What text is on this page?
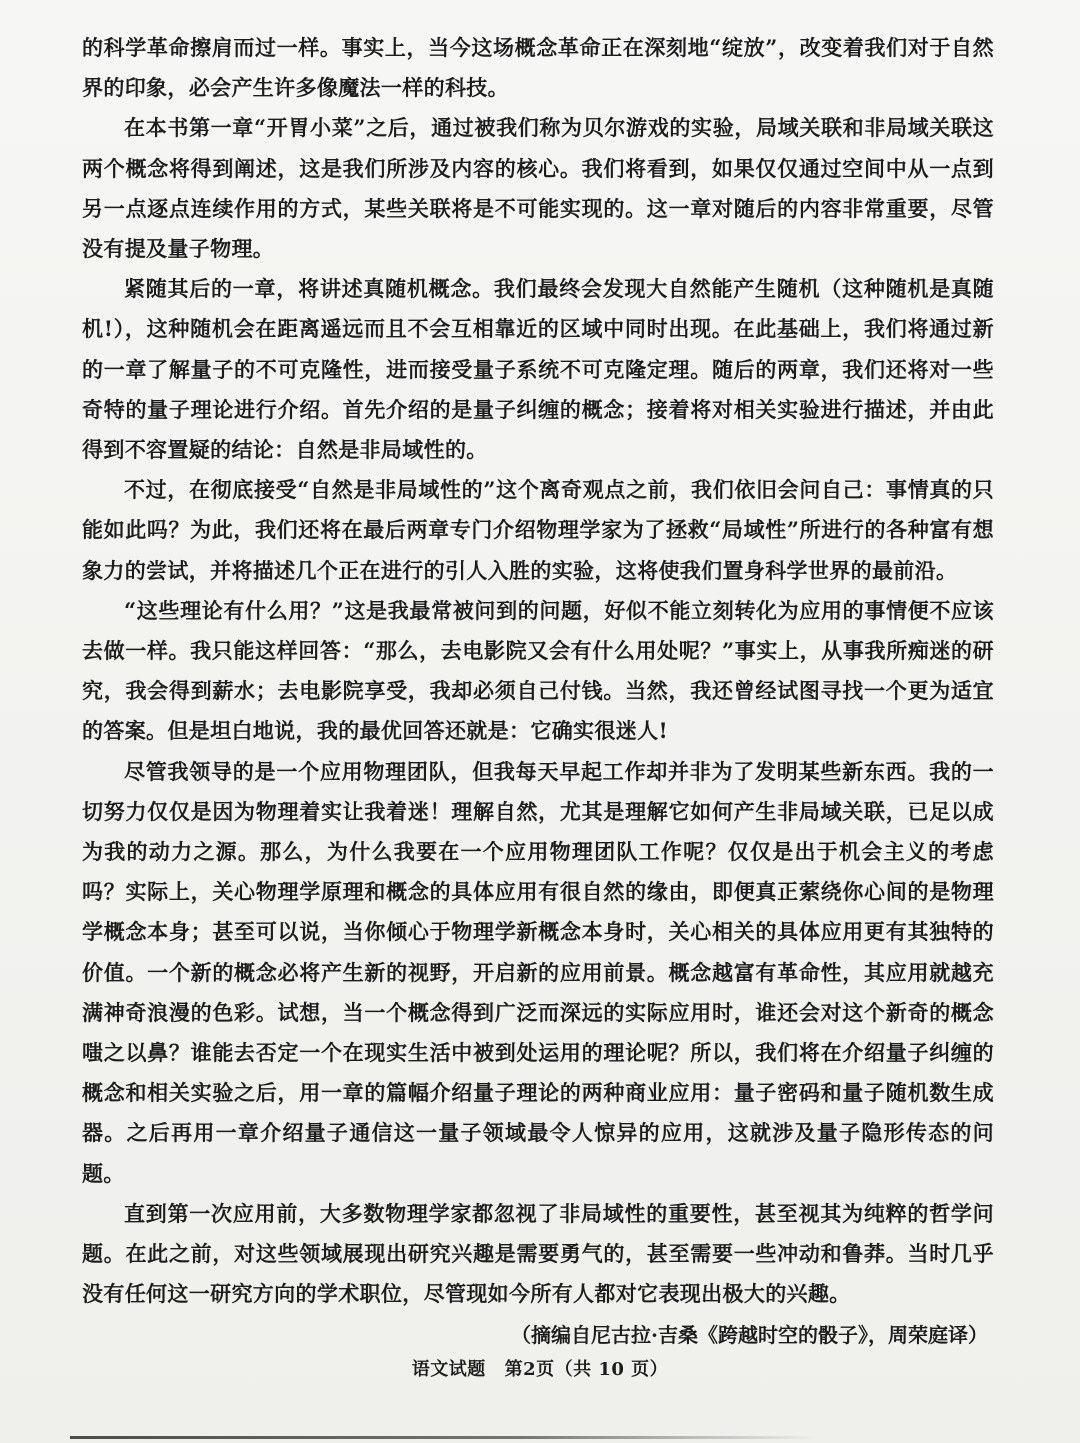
的科学革命擦肩而过一样。事实上，当今这场概念革命正在深刻地“绽放”，改变着我们对于自然界的印象，必会产生许多像魔法一样的科技。

在本书第一章“开胃小菜”之后，通过被我们称为贝尔游戏的实验，局域关联和非局域关联这两个概念将得到阐述，这是我们所涉及内容的核心。我们将看到，如果仅仅通过空间中从一点到另一点逐点连续作用的方式，某些关联将是不可能实现的。这一章对随后的内容非常重要，尽管没有提及量子物理。

紧随其后的一章，将讲述真随机概念。我们最终会发现大自然能产生随机（这种随机是真随机!），这种随机会在距离遥远而且不会互相靠近的区域中同时出现。在此基础上，我们将通过新的一章了解量子的不可克隆性，进而接受量子系统不可克隆定理。随后的两章，我们还将对一些奇特的量子理论进行介绍。首先介绍的是量子纠缠的概念；接着将对相关实验进行描述，并由此得到不容置疑的结论：自然是非局域性的。

不过，在彻底接受“自然是非局域性的”这个离奇观点之前，我们依旧会问自己：事情真的只能如此吗？为此，我们还将在最后两章专门介绍物理学家为了拯救“局域性”所进行的各种富有想象力的尝试，并将描述几个正在进行的引人入胜的实验，这将使我们置身科学世界的最前沿。

“这些理论有什么用？”这是我最常被问到的问题，好似不能立刻转化为应用的事情便不应该去做一样。我只能这样回答：“那么，去电影院又会有什么用处呢？”事实上，从事我所痴迷的研究，我会得到薪水；去电影院享受，我却必须自己付钱。当然，我还曾经试图寻找一个更为适宜的答案。但是坦白地说，我的最优回答还就是：它确实很迷人!

尽管我领导的是一个应用物理团队，但我每天早起工作却并非为了发明某些新东西。我的一切努力仅仅是因为物理着实让我着迷！理解自然，尤其是理解它如何产生非局域关联，已足以成为我的动力之源。那么，为什么我要在一个应用物理团队工作呢？仅仅是出于机会主义的考虑吗？实际上，关心物理学原理和概念的具体应用有很自然的缘由，即便真正萦绕你心间的是物理学概念本身；甚至可以说，当你倾心于物理学新概念本身时，关心相关的具体应用更有其独特的价值。一个新的概念必将产生新的视野，开启新的应用前景。概念越富有革命性，其应用就越充满神奇浪漫的色彩。试想，当一个概念得到广泛而深远的实际应用时，谁还会对这个新奇的概念嗤之以鼻？谁能去否定一个在现实生活中被到处运用的理论呢？所以，我们将在介绍量子纠缠的概念和相关实验之后，用一章的篇幅介绍量子理论的两种商业应用：量子密码和量子随机数生成器。之后再用一章介绍量子通信这一量子领域最令人惊异的应用，这就涉及量子隐形传态的问题。

直到第一次应用前，大多数物理学家都忽视了非局域性的重要性，甚至视其为纯粹的哲学问题。在此之前，对这些领域展现出研究兴趣是需要勇气的，甚至需要一些冲动和鲁莽。当时几乎没有任何这一研究方向的学术职位，尽管现如今所有人都对它表现出极大的兴趣。

（摘编自尼古拉·吉桑《跨越时空的骰子》，周荣庭译）

语文试题 第2页（共 10 页）
